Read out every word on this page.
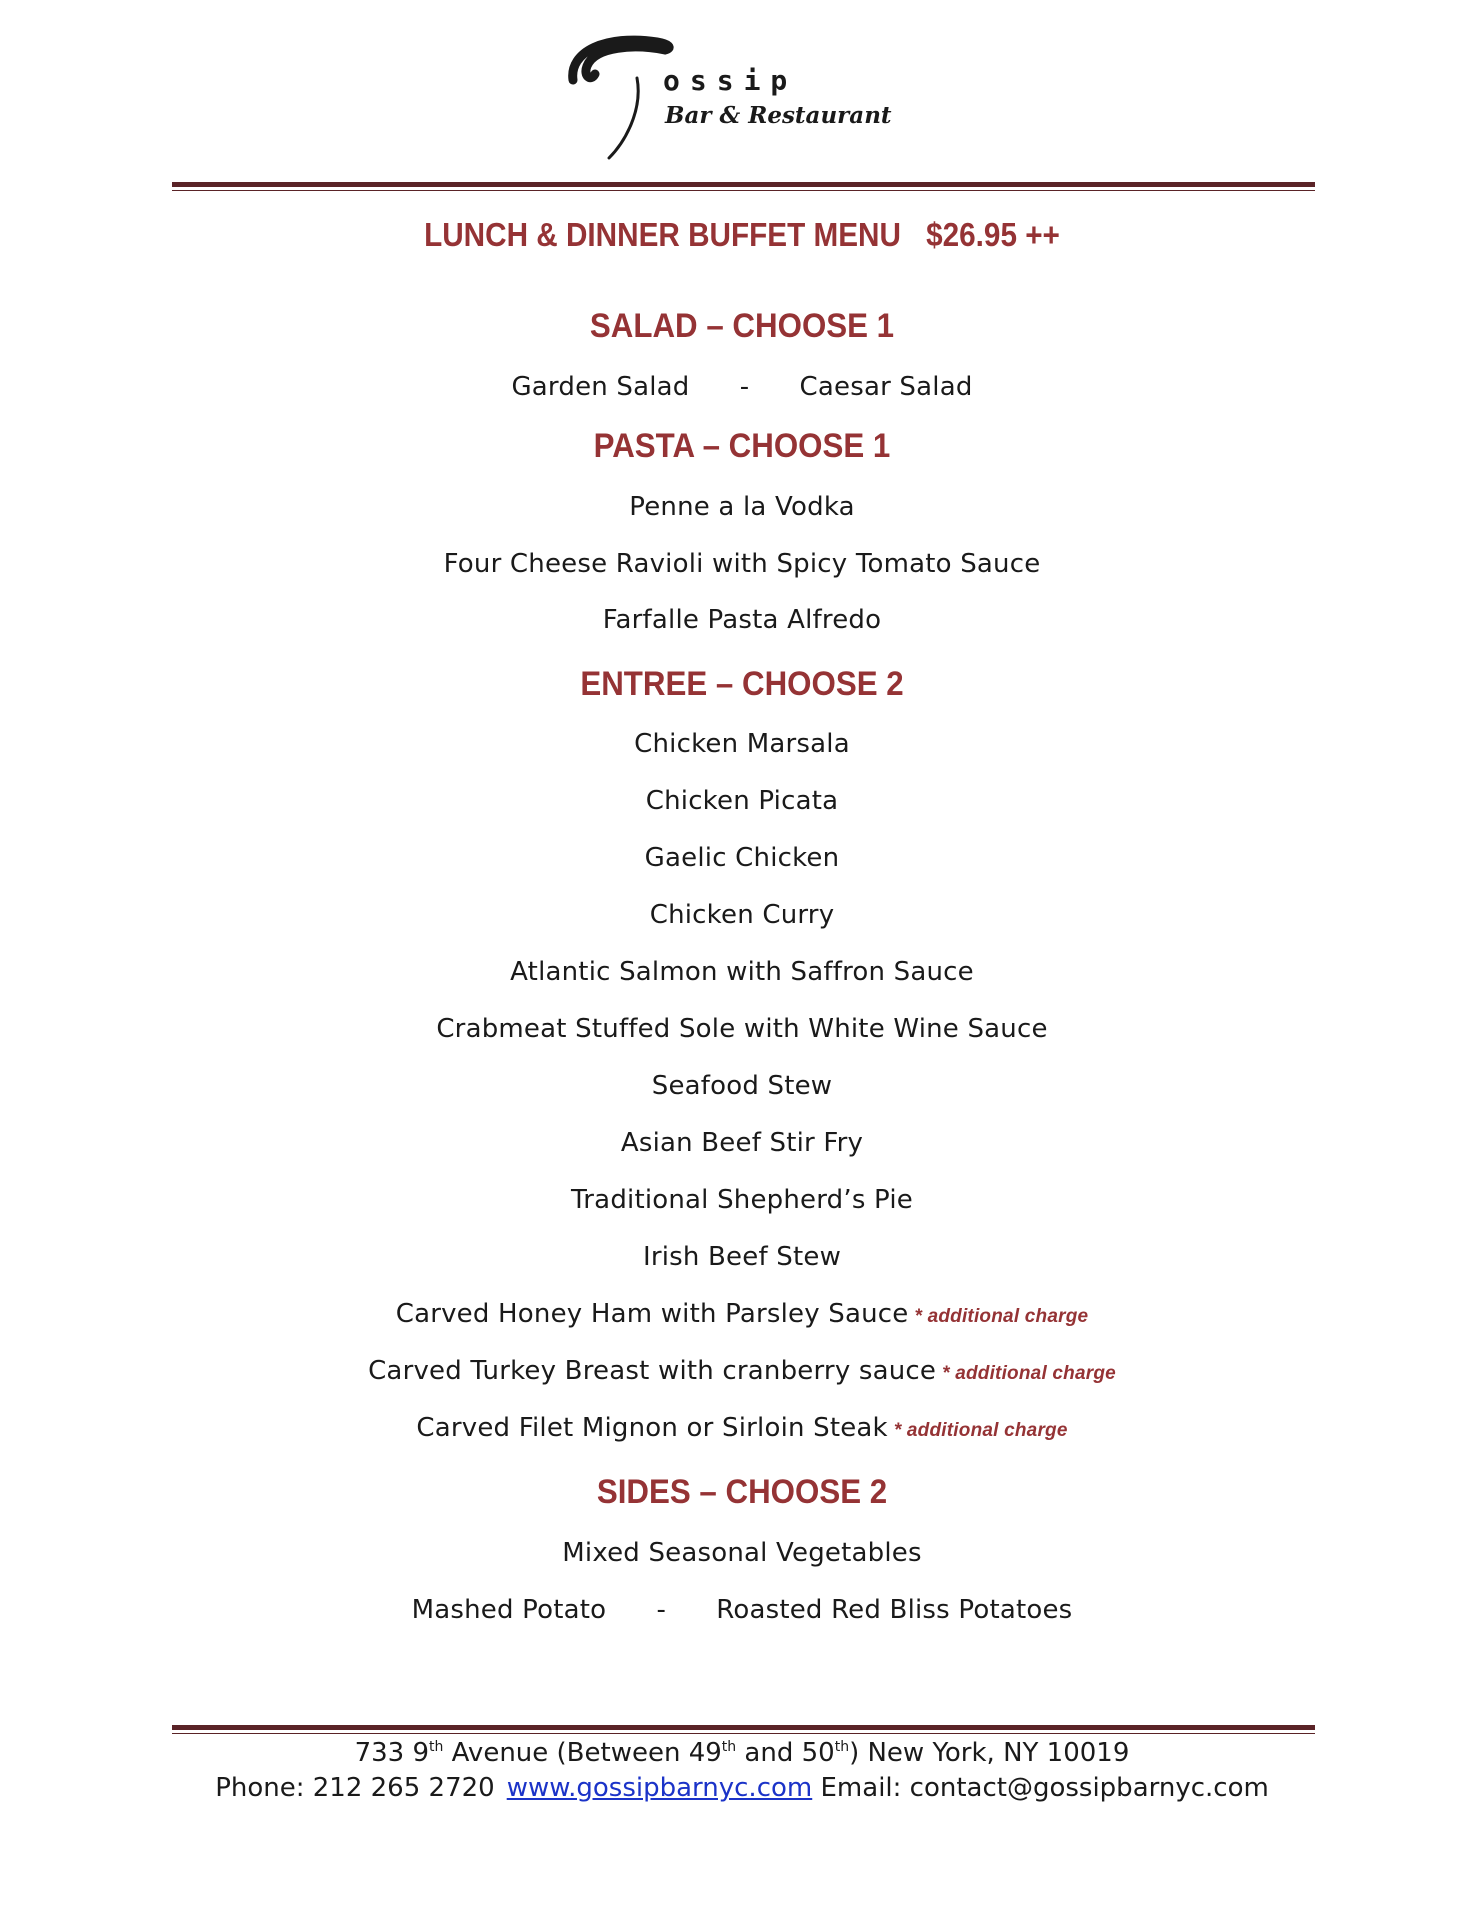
ossip
Bar & Restaurant
LUNCH & DINNER BUFFET MENU $26.95 ++
SALAD – CHOOSE 1
Garden Salad - Caesar Salad
PASTA – CHOOSE 1
Penne a la Vodka
Four Cheese Ravioli with Spicy Tomato Sauce
Farfalle Pasta Alfredo
ENTREE – CHOOSE 2
Chicken Marsala
Chicken Picata
Gaelic Chicken
Chicken Curry
Atlantic Salmon with Saffron Sauce
Crabmeat Stuffed Sole with White Wine Sauce
Seafood Stew
Asian Beef Stir Fry
Traditional Shepherd’s Pie
Irish Beef Stew
Carved Honey Ham with Parsley Sauce * additional charge
Carved Turkey Breast with cranberry sauce * additional charge
Carved Filet Mignon or Sirloin Steak * additional charge
SIDES – CHOOSE 2
Mixed Seasonal Vegetables
Mashed Potato - Roasted Red Bliss Potatoes
733 9th Avenue (Between 49th and 50th) New York, NY 10019
Phone: 212 265 2720 www.gossipbarnyc.com Email: contact@gossipbarnyc.com
